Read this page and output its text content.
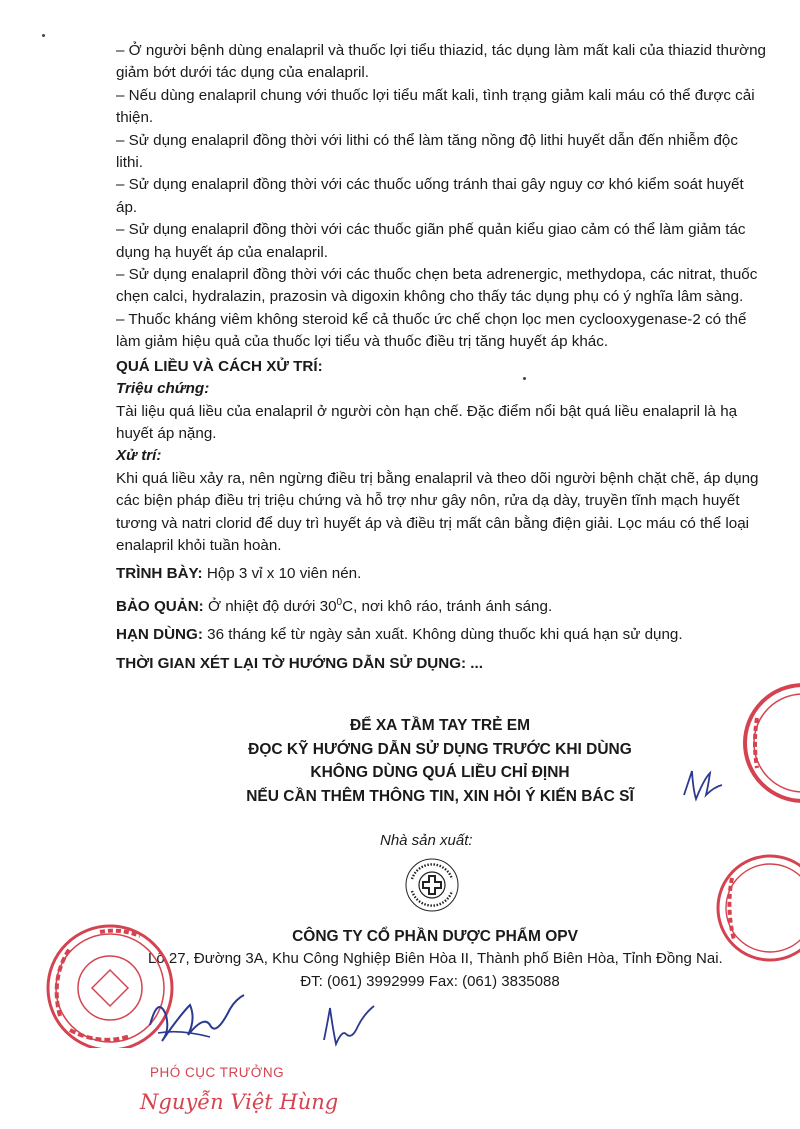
– Ở người bệnh dùng enalapril và thuốc lợi tiểu thiazid, tác dụng làm mất kali của thiazid thường giảm bớt dưới tác dụng của enalapril.

– Nếu dùng enalapril chung với thuốc lợi tiểu mất kali, tình trạng giảm kali máu có thể được cải thiện.

– Sử dụng enalapril đồng thời với lithi có thể làm tăng nồng độ lithi huyết dẫn đến nhiễm độc lithi.

– Sử dụng enalapril đồng thời với các thuốc uống tránh thai gây nguy cơ khó kiểm soát huyết áp.

– Sử dụng enalapril đồng thời với các thuốc giãn phế quản kiểu giao cảm có thể làm giảm tác dụng hạ huyết áp của enalapril.

– Sử dụng enalapril đồng thời với các thuốc chẹn beta adrenergic, methydopa, các nitrat, thuốc chẹn calci, hydralazin, prazosin và digoxin không cho thấy tác dụng phụ có ý nghĩa lâm sàng.

– Thuốc kháng viêm không steroid kể cả thuốc ức chế chọn lọc men cyclooxygenase-2 có thể làm giảm hiệu quả của thuốc lợi tiểu và thuốc điều trị tăng huyết áp khác.

QUÁ LIỀU VÀ CÁCH XỬ TRÍ:

Triệu chứng:

Tài liệu quá liều của enalapril ở người còn hạn chế. Đặc điểm nổi bật quá liều enalapril là hạ huyết áp nặng.

Xử trí:

Khi quá liều xảy ra, nên ngừng điều trị bằng enalapril và theo dõi người bệnh chặt chẽ, áp dụng các biện pháp điều trị triệu chứng và hỗ trợ như gây nôn, rửa dạ dày, truyền tĩnh mạch huyết tương và natri clorid để duy trì huyết áp và điều trị mất cân bằng điện giải. Lọc máu có thể loại enalapril khỏi tuần hoàn.

TRÌNH BÀY: Hộp 3 vỉ x 10 viên nén.

BẢO QUẢN: Ở nhiệt độ dưới $30^0C$, nơi khô ráo, tránh ánh sáng.

HẠN DÙNG: 36 tháng kể từ ngày sản xuất. Không dùng thuốc khi quá hạn sử dụng.

THỜI GIAN XÉT LẠI TỜ HƯỚNG DẪN SỬ DỤNG: ...

ĐỂ XA TẦM TAY TRẺ EM
ĐỌC KỸ HƯỚNG DẪN SỬ DỤNG TRƯỚC KHI DÙNG
KHÔNG DÙNG QUÁ LIỀU CHỈ ĐỊNH
NẾU CẦN THÊM THÔNG TIN, XIN HỎI Ý KIẾN BÁC SĨ
Nhà sản xuất:
CÔNG TY CỔ PHẦN DƯỢC PHẨM OPV
Lô 27, Đường 3A, Khu Công Nghiệp Biên Hòa II, Thành phố Biên Hòa, Tỉnh Đồng Nai.
ĐT: (061) 3992999 Fax: (061) 3835088
PHÓ CỤC TRƯỞNG
Nguyễn Việt Hùng
